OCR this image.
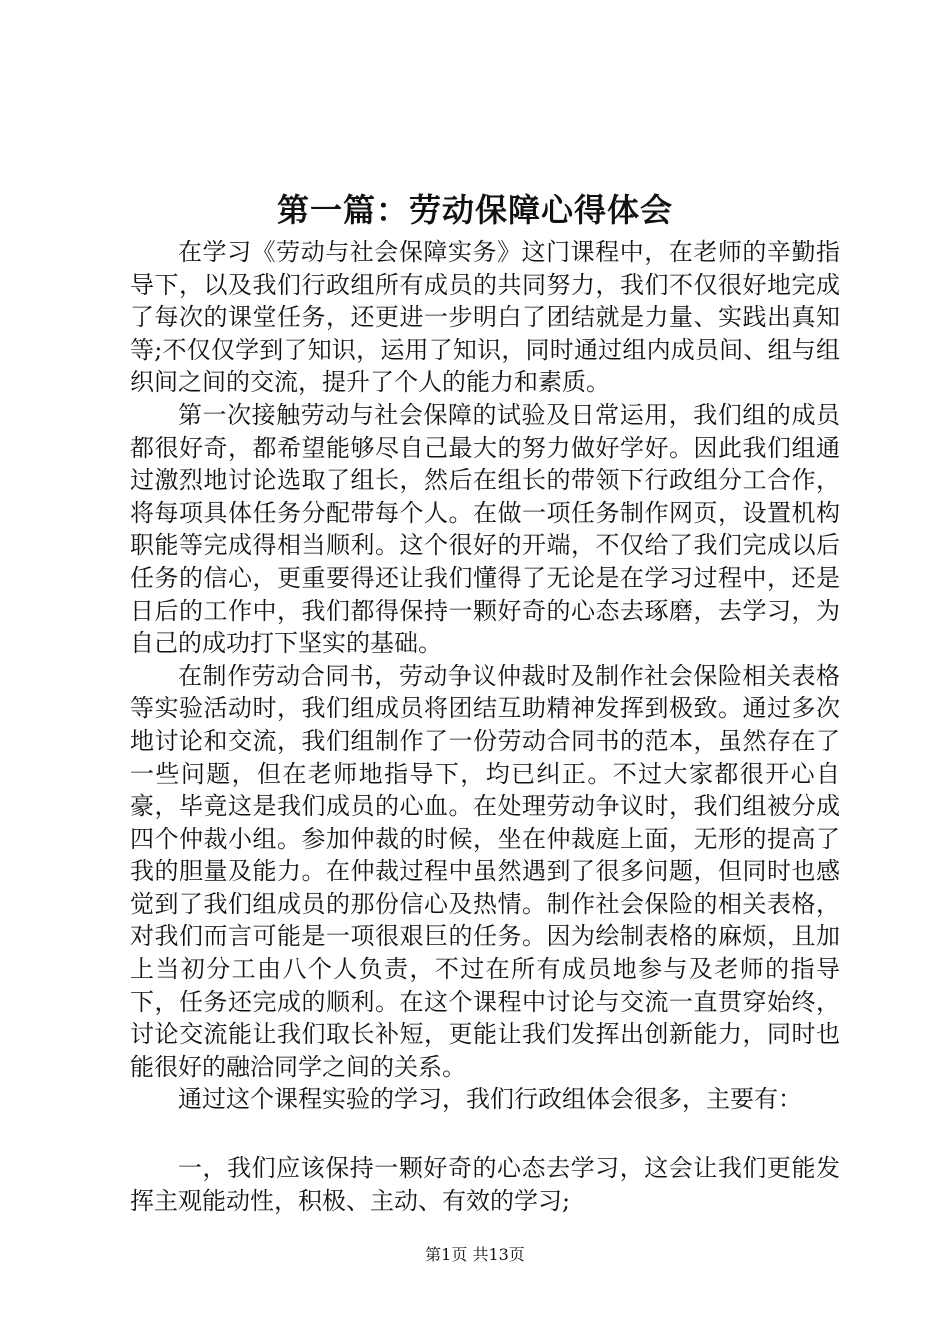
第一篇：劳动保障心得体会

在学习《劳动与社会保障实务》这门课程中，在老师的辛勤指导下，以及我们行政组所有成员的共同努力，我们不仅很好地完成了每次的课堂任务，还更进一步明白了团结就是力量、实践出真知等;不仅仅学到了知识，运用了知识，同时通过组内成员间、组与组织间之间的交流，提升了个人的能力和素质。

第一次接触劳动与社会保障的试验及日常运用，我们组的成员都很好奇，都希望能够尽自己最大的努力做好学好。因此我们组通过激烈地讨论选取了组长，然后在组长的带领下行政组分工合作，将每项具体任务分配带每个人。在做一项任务制作网页，设置机构职能等完成得相当顺利。这个很好的开端，不仅给了我们完成以后任务的信心，更重要得还让我们懂得了无论是在学习过程中，还是日后的工作中，我们都得保持一颗好奇的心态去琢磨，去学习，为自己的成功打下坚实的基础。

在制作劳动合同书，劳动争议仲裁时及制作社会保险相关表格等实验活动时，我们组成员将团结互助精神发挥到极致。通过多次地讨论和交流，我们组制作了一份劳动合同书的范本，虽然存在了一些问题，但在老师地指导下，均已纠正。不过大家都很开心自豪，毕竟这是我们成员的心血。在处理劳动争议时，我们组被分成四个仲裁小组。参加仲裁的时候，坐在仲裁庭上面，无形的提高了我的胆量及能力。在仲裁过程中虽然遇到了很多问题，但同时也感觉到了我们组成员的那份信心及热情。制作社会保险的相关表格，对我们而言可能是一项很艰巨的任务。因为绘制表格的麻烦，且加上当初分工由八个人负责，不过在所有成员地参与及老师的指导下，任务还完成的顺利。在这个课程中讨论与交流一直贯穿始终，讨论交流能让我们取长补短，更能让我们发挥出创新能力，同时也能很好的融洽同学之间的关系。

通过这个课程实验的学习，我们行政组体会很多，主要有：

一，我们应该保持一颗好奇的心态去学习，这会让我们更能发挥主观能动性，积极、主动、有效的学习;

第1页 共13页
